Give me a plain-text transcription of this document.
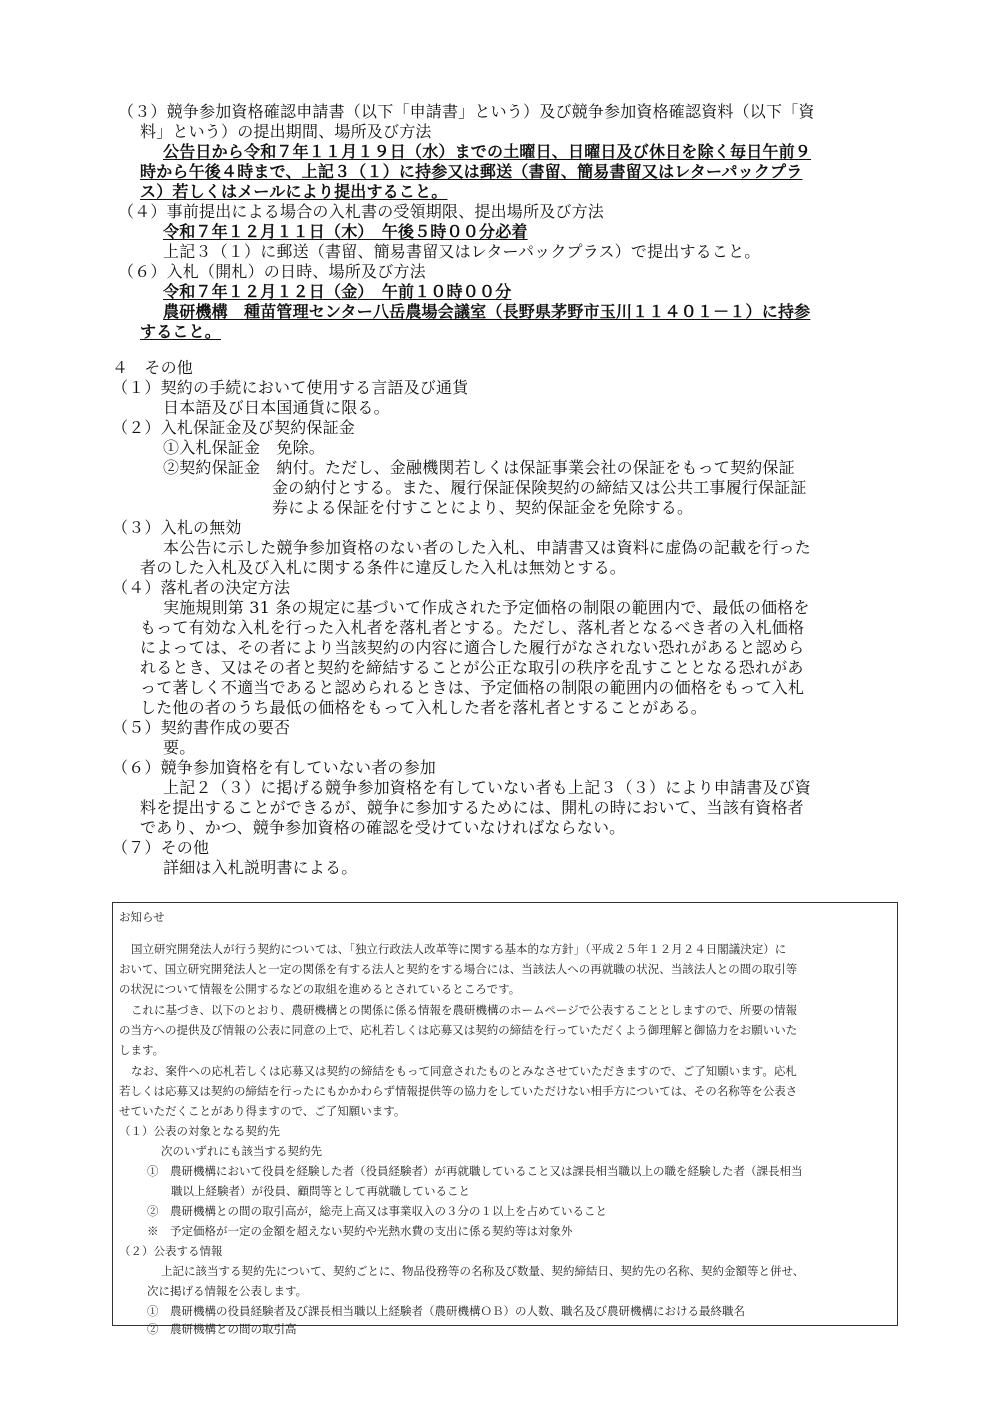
（３）競争参加資格確認申請書（以下「申請書」という）及び競争参加資格確認資料（以下「資
料」という）の提出期間、場所及び方法
公告日から令和７年１１月１９日（水）までの土曜日、日曜日及び休日を除く毎日午前９
時から午後４時まで、上記３（１）に持参又は郵送（書留、簡易書留又はレターパックプラ
ス）若しくはメールにより提出すること。
（４）事前提出による場合の入札書の受領期限、提出場所及び方法
令和７年１２月１１日（木）　午後５時００分必着
上記３（１）に郵送（書留、簡易書留又はレターパックプラス）で提出すること。
（６）入札（開札）の日時、場所及び方法
令和７年１２月１２日（金）　午前１０時００分
農研機構　種苗管理センター八岳農場会議室（長野県茅野市玉川１１４０１－１）に持参
すること。
４　その他
（１）契約の手続において使用する言語及び通貨
日本語及び日本国通貨に限る。
（２）入札保証金及び契約保証金
①入札保証金　免除。
②契約保証金　納付。ただし、金融機関若しくは保証事業会社の保証をもって契約保証
金の納付とする。また、履行保証保険契約の締結又は公共工事履行保証証
券による保証を付すことにより、契約保証金を免除する。
（３）入札の無効
本公告に示した競争参加資格のない者のした入札、申請書又は資料に虚偽の記載を行った
者のした入札及び入札に関する条件に違反した入札は無効とする。
（４）落札者の決定方法
実施規則第 31 条の規定に基づいて作成された予定価格の制限の範囲内で、最低の価格を
もって有効な入札を行った入札者を落札者とする。ただし、落札者となるべき者の入札価格
によっては、その者により当該契約の内容に適合した履行がなされない恐れがあると認めら
れるとき、又はその者と契約を締結することが公正な取引の秩序を乱すこととなる恐れがあ
って著しく不適当であると認められるときは、予定価格の制限の範囲内の価格をもって入札
した他の者のうち最低の価格をもって入札した者を落札者とすることがある。
（５）契約書作成の要否
要。
（６）競争参加資格を有していない者の参加
上記２（３）に掲げる競争参加資格を有していない者も上記３（３）により申請書及び資
料を提出することができるが、競争に参加するためには、開札の時において、当該有資格者
であり、かつ、競争参加資格の確認を受けていなければならない。
（７）その他
詳細は入札説明書による。
お知らせ
国立研究開発法人が行う契約については、「独立行政法人改革等に関する基本的な方針」（平成２５年１２月２４日閣議決定）に
おいて、国立研究開発法人と一定の関係を有する法人と契約をする場合には、当該法人への再就職の状況、当該法人との間の取引等
の状況について情報を公開するなどの取組を進めるとされているところです。
これに基づき、以下のとおり、農研機構との関係に係る情報を農研機構のホームページで公表することとしますので、所要の情報
の当方への提供及び情報の公表に同意の上で、応札若しくは応募又は契約の締結を行っていただくよう御理解と御協力をお願いいた
します。
なお、案件への応札若しくは応募又は契約の締結をもって同意されたものとみなさせていただきますので、ご了知願います。応札
若しくは応募又は契約の締結を行ったにもかかわらず情報提供等の協力をしていただけない相手方については、その名称等を公表さ
せていただくことがあり得ますので、ご了知願います。
（１）公表の対象となる契約先
次のいずれにも該当する契約先
①　農研機構において役員を経験した者（役員経験者）が再就職していること又は課長相当職以上の職を経験した者（課長相当
職以上経験者）が役員、顧問等として再就職していること
②　農研機構との間の取引高が，総売上高又は事業収入の３分の１以上を占めていること
※　予定価格が一定の金額を超えない契約や光熱水費の支出に係る契約等は対象外
（２）公表する情報
上記に該当する契約先について、契約ごとに、物品役務等の名称及び数量、契約締結日、契約先の名称、契約金額等と併せ、
次に掲げる情報を公表します。
①　農研機構の役員経験者及び課長相当職以上経験者（農研機構ＯＢ）の人数、職名及び農研機構における最終職名
②　農研機構との間の取引高
